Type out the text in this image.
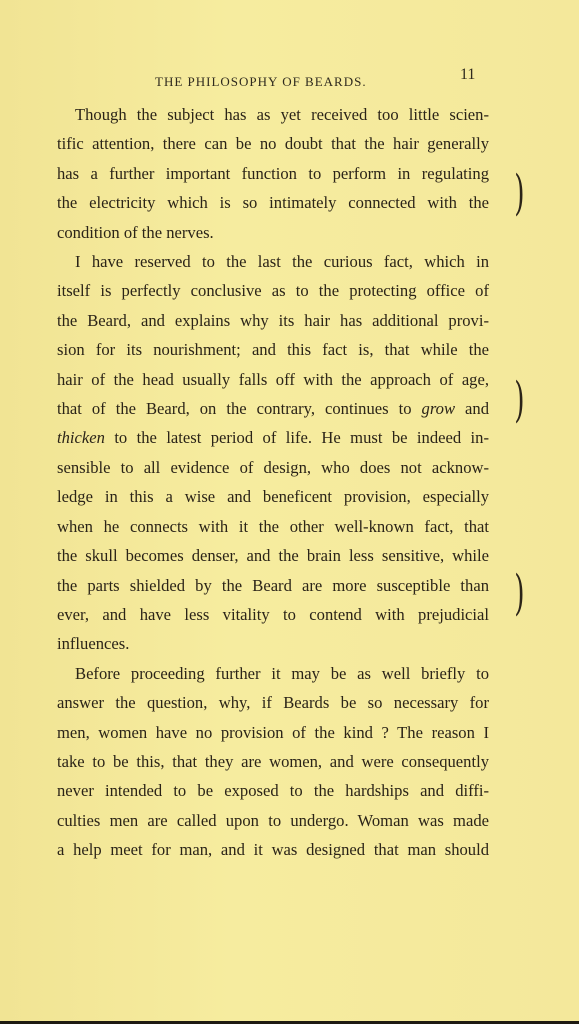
THE PHILOSOPHY OF BEARDS.	11

Though the subject has as yet received too little scien-
tific attention, there can be no doubt that the hair generally
has a further important function to perform in regulating
the electricity which is so intimately connected with the
condition of the nerves.

I have reserved to the last the curious fact, which in
itself is perfectly conclusive as to the protecting office of
the Beard, and explains why its hair has additional provi-
sion for its nourishment; and this fact is, that while the
hair of the head usually falls off with the approach of age,
that of the Beard, on the contrary, continues to grow and
thicken to the latest period of life. He must be indeed in-
sensible to all evidence of design, who does not acknow-
ledge in this a wise and beneficent provision, especially
when he connects with it the other well-known fact, that
the skull becomes denser, and the brain less sensitive, while
the parts shielded by the Beard are more susceptible than
ever, and have less vitality to contend with prejudicial
influences.

Before proceeding further it may be as well briefly to
answer the question, why, if Beards be so necessary for
men, women have no provision of the kind ? The reason I
take to be this, that they are women, and were consequently
never intended to be exposed to the hardships and diffi-
culties men are called upon to undergo. Woman was made
a help meet for man, and it was designed that man should

)
)
)
